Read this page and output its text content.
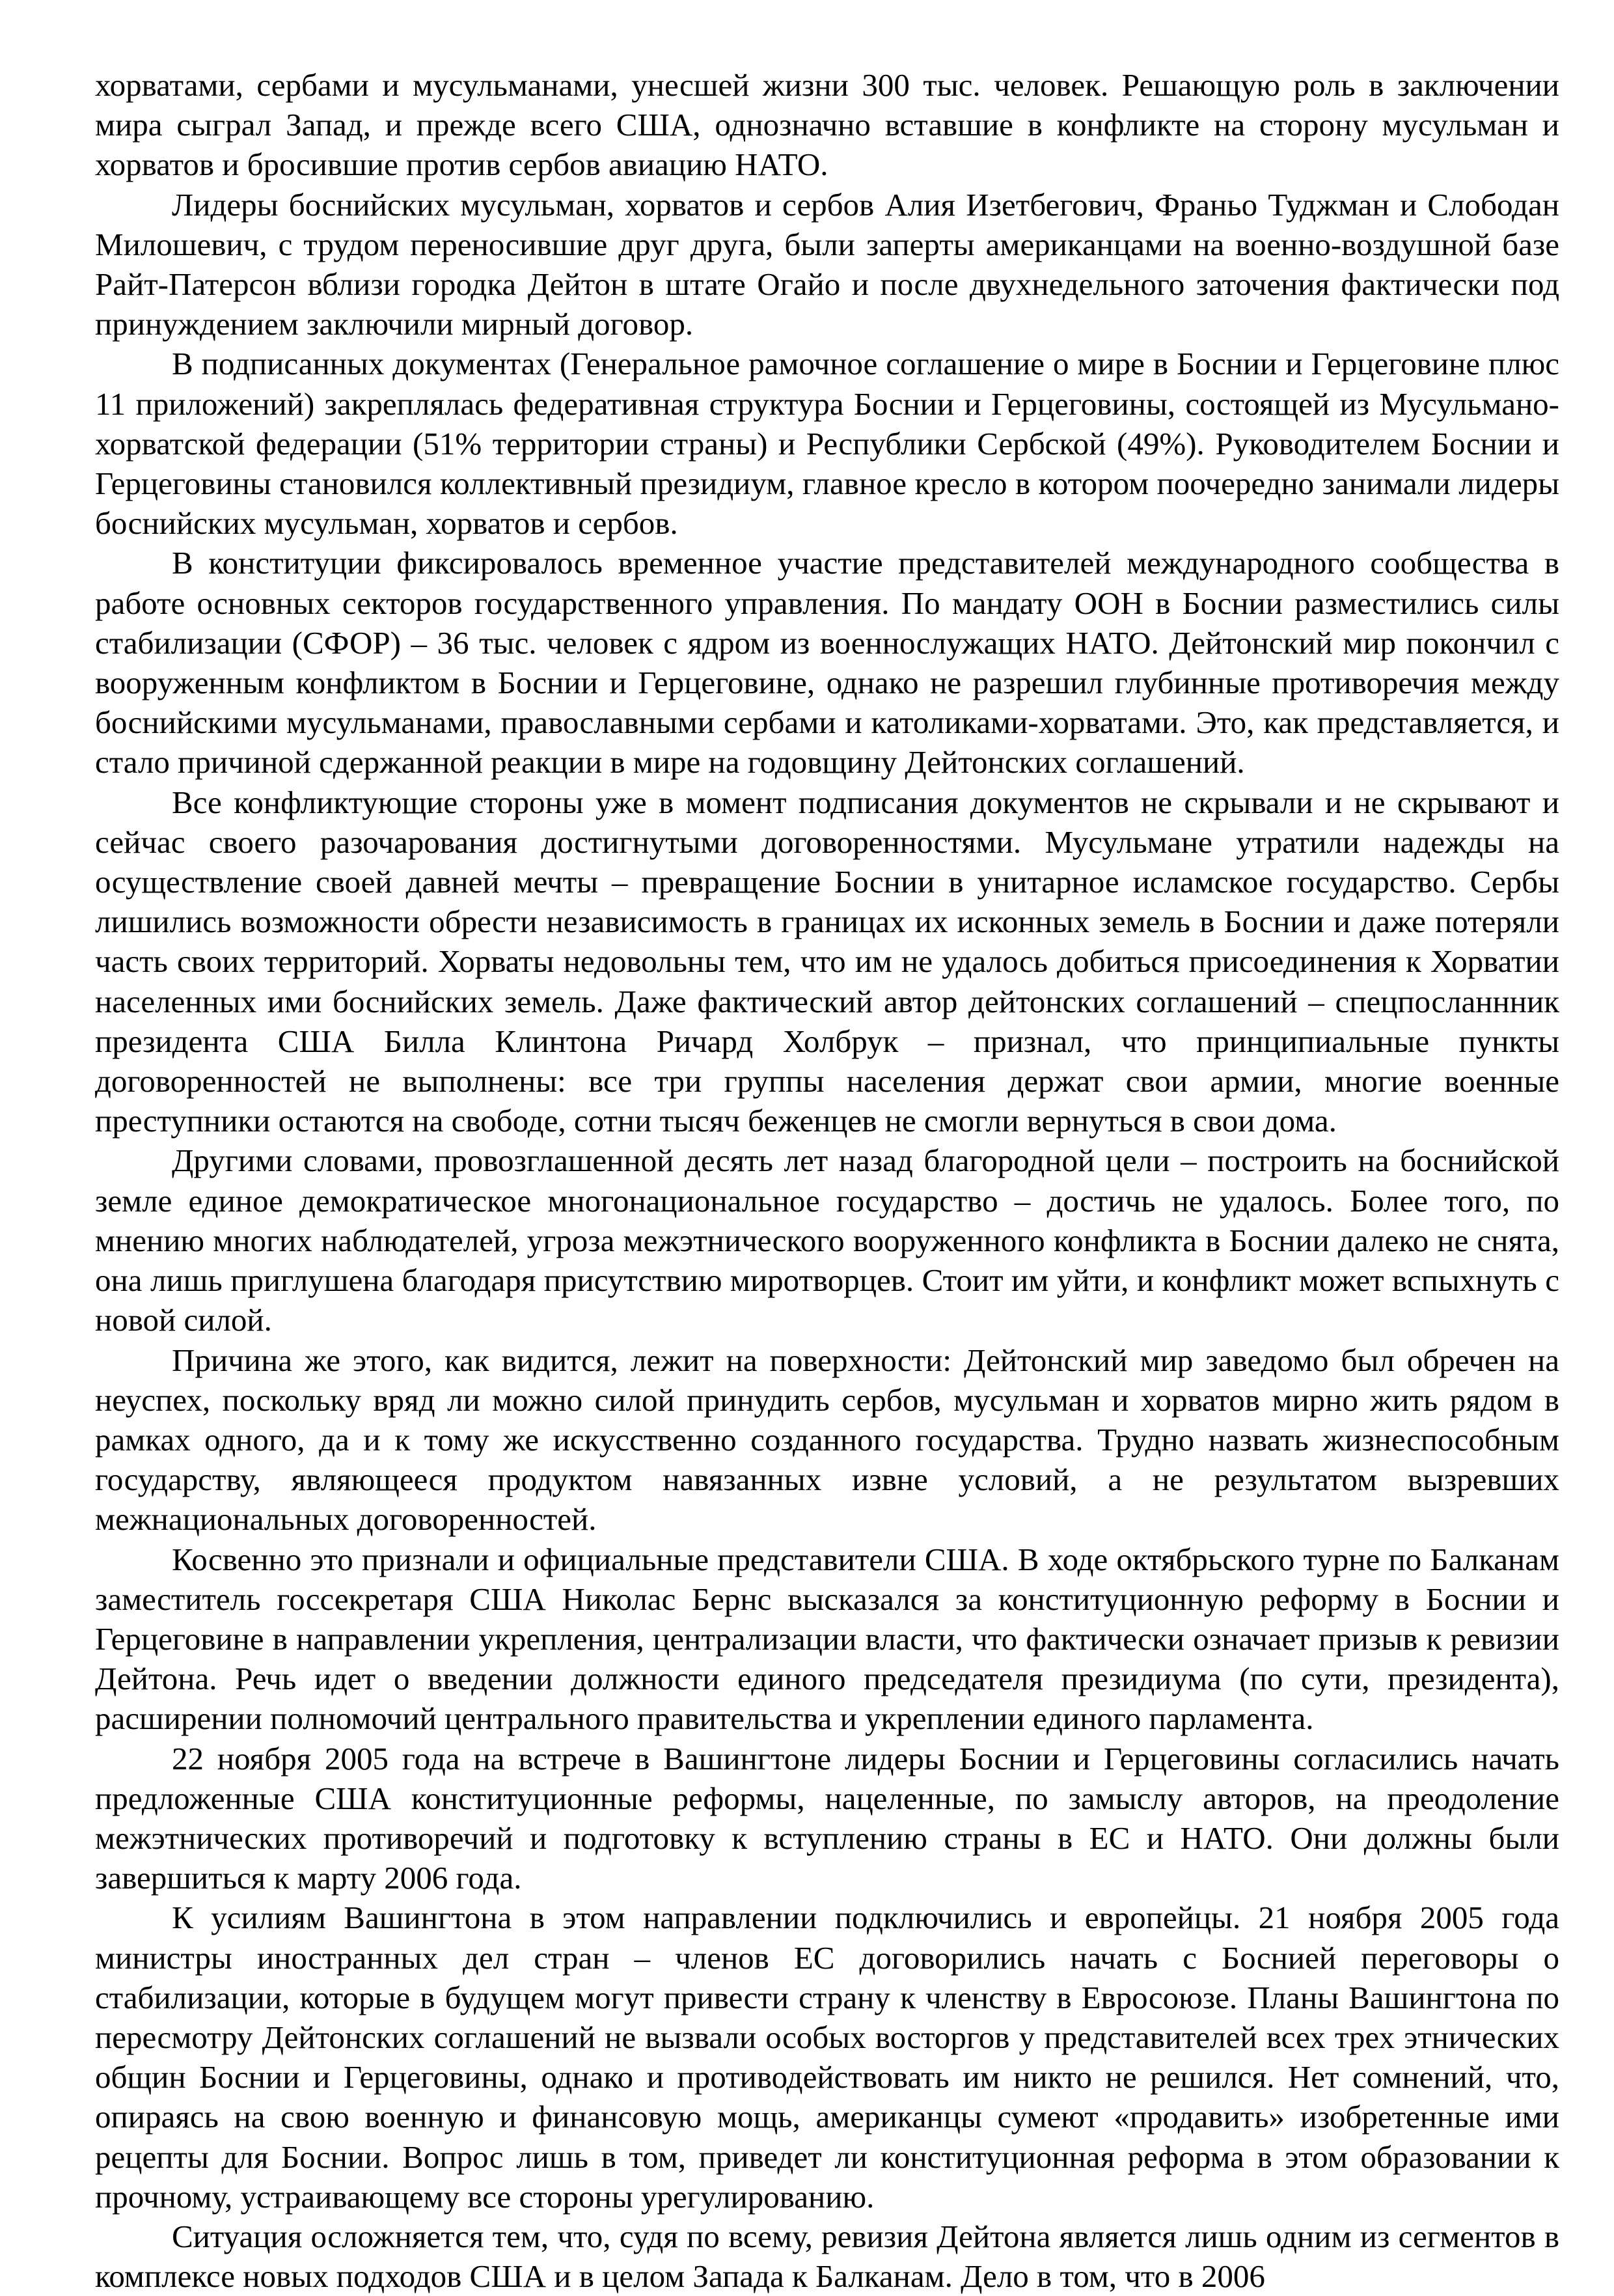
хорватами, сербами и мусульманами, унесшей жизни 300 тыс. человек. Решающую роль в заключении мира сыграл Запад, и прежде всего США, однозначно вставшие в конфликте на сторону мусульман и хорватов и бросившие против сербов авиацию НАТО.

Лидеры боснийских мусульман, хорватов и сербов Алия Изетбегович, Франьо Туджман и Слободан Милошевич, с трудом переносившие друг друга, были заперты американцами на военно-воздушной базе Райт-Патерсон вблизи городка Дейтон в штате Огайо и после двухнедельного заточения фактически под принуждением заключили мирный договор.

В подписанных документах (Генеральное рамочное соглашение о мире в Боснии и Герцеговине плюс 11 приложений) закреплялась федеративная структура Боснии и Герцеговины, состоящей из Мусульмано-хорватской федерации (51% территории страны) и Республики Сербской (49%). Руководителем Боснии и Герцеговины становился коллективный президиум, главное кресло в котором поочередно занимали лидеры боснийских мусульман, хорватов и сербов.

В конституции фиксировалось временное участие представителей международного сообщества в работе основных секторов государственного управления. По мандату ООН в Боснии разместились силы стабилизации (СФОР) – 36 тыс. человек с ядром из военнослужащих НАТО. Дейтонский мир покончил с вооруженным конфликтом в Боснии и Герцеговине, однако не разрешил глубинные противоречия между боснийскими мусульманами, православными сербами и католиками-хорватами. Это, как представляется, и стало причиной сдержанной реакции в мире на годовщину Дейтонских соглашений.

Все конфликтующие стороны уже в момент подписания документов не скрывали и не скрывают и сейчас своего разочарования достигнутыми договоренностями. Мусульмане утратили надежды на осуществление своей давней мечты – превращение Боснии в унитарное исламское государство. Сербы лишились возможности обрести независимость в границах их исконных земель в Боснии и даже потеряли часть своих территорий. Хорваты недовольны тем, что им не удалось добиться присоединения к Хорватии населенных ими боснийских земель. Даже фактический автор дейтонских соглашений – спецпосланнник президента США Билла Клинтона Ричард Холбрук – признал, что принципиальные пункты договоренностей не выполнены: все три группы населения держат свои армии, многие военные преступники остаются на свободе, сотни тысяч беженцев не смогли вернуться в свои дома.

Другими словами, провозглашенной десять лет назад благородной цели – построить на боснийской земле единое демократическое многонациональное государство – достичь не удалось. Более того, по мнению многих наблюдателей, угроза межэтнического вооруженного конфликта в Боснии далеко не снята, она лишь приглушена благодаря присутствию миротворцев. Стоит им уйти, и конфликт может вспыхнуть с новой силой.

Причина же этого, как видится, лежит на поверхности: Дейтонский мир заведомо был обречен на неуспех, поскольку вряд ли можно силой принудить сербов, мусульман и хорватов мирно жить рядом в рамках одного, да и к тому же искусственно созданного государства. Трудно назвать жизнеспособным государству, являющееся продуктом навязанных извне условий, а не результатом вызревших межнациональных договоренностей.

Косвенно это признали и официальные представители США. В ходе октябрьского турне по Балканам заместитель госсекретаря США Николас Бернс высказался за конституционную реформу в Боснии и Герцеговине в направлении укрепления, централизации власти, что фактически означает призыв к ревизии Дейтона. Речь идет о введении должности единого председателя президиума (по сути, президента), расширении полномочий центрального правительства и укреплении единого парламента.

22 ноября 2005 года на встрече в Вашингтоне лидеры Боснии и Герцеговины согласились начать предложенные США конституционные реформы, нацеленные, по замыслу авторов, на преодоление межэтнических противоречий и подготовку к вступлению страны в ЕС и НАТО. Они должны были завершиться к марту 2006 года.

К усилиям Вашингтона в этом направлении подключились и европейцы. 21 ноября 2005 года министры иностранных дел стран – членов ЕС договорились начать с Боснией переговоры о стабилизации, которые в будущем могут привести страну к членству в Евросоюзе. Планы Вашингтона по пересмотру Дейтонских соглашений не вызвали особых восторгов у представителей всех трех этнических общин Боснии и Герцеговины, однако и противодействовать им никто не решился. Нет сомнений, что, опираясь на свою военную и финансовую мощь, американцы сумеют «продавить» изобретенные ими рецепты для Боснии. Вопрос лишь в том, приведет ли конституционная реформа в этом образовании к прочному, устраивающему все стороны урегулированию.

Ситуация осложняется тем, что, судя по всему, ревизия Дейтона является лишь одним из сегментов в комплексе новых подходов США и в целом Запада к Балканам. Дело в том, что в 2006
